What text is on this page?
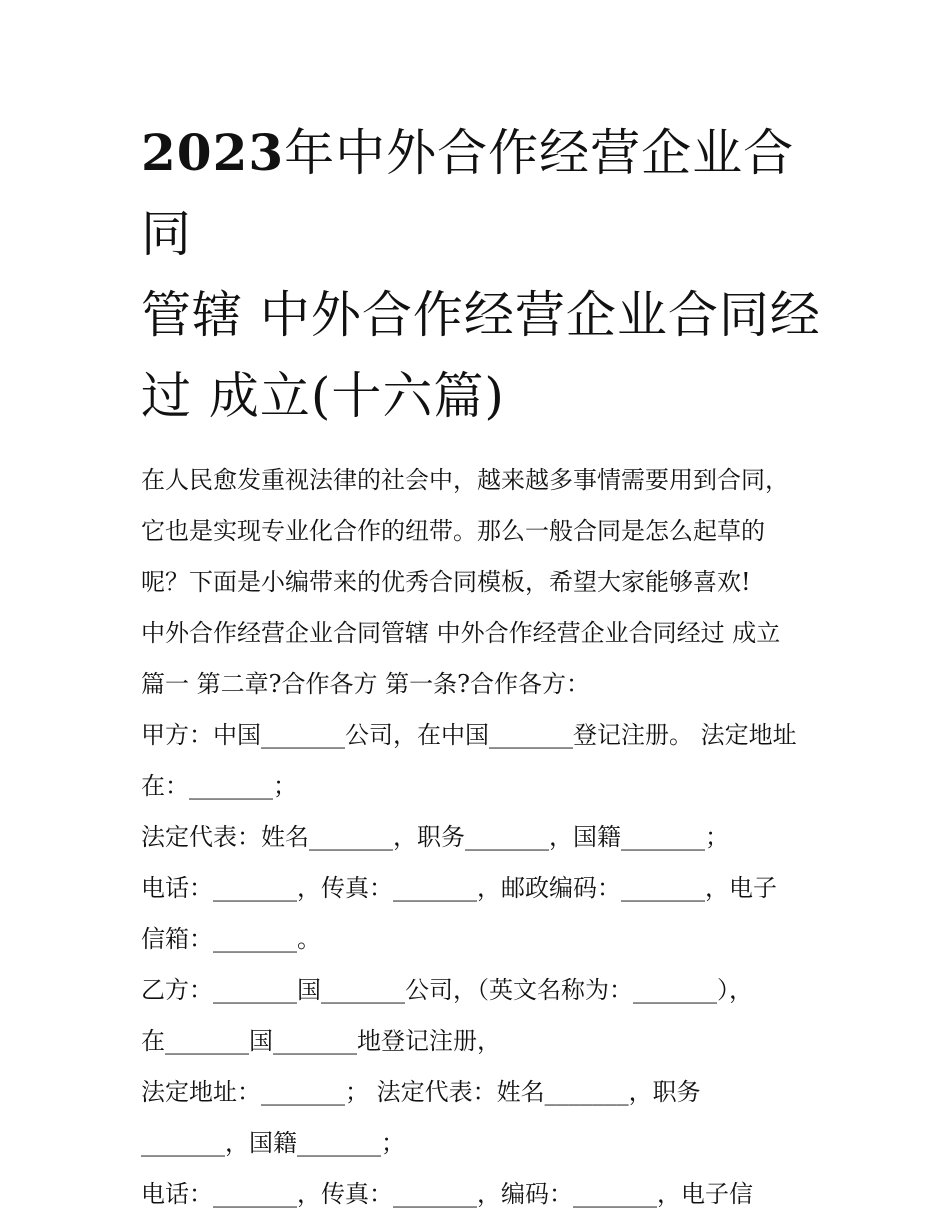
2023年中外合作经营企业合同
管辖 中外合作经营企业合同经
过 成立(十六篇)
在人民愈发重视法律的社会中，越来越多事情需要用到合同，
它也是实现专业化合作的纽带。那么一般合同是怎么起草的
呢？下面是小编带来的优秀合同模板，希望大家能够喜欢!
中外合作经营企业合同管辖 中外合作经营企业合同经过 成立
篇一 第二章?合作各方 第一条?合作各方：
甲方：中国_______公司，在中国_______登记注册。 法定地址
在：_______；
法定代表：姓名_______，职务_______，国籍_______；
电话：_______，传真：_______，邮政编码：_______，电子
信箱：_______。
乙方：_______国_______公司，（英文名称为：_______），
在_______国_______地登记注册，
法定地址：_______； 法定代表：姓名_______，职务
_______，国籍_______；
电话：_______，传真：_______，编码：_______，电子信
